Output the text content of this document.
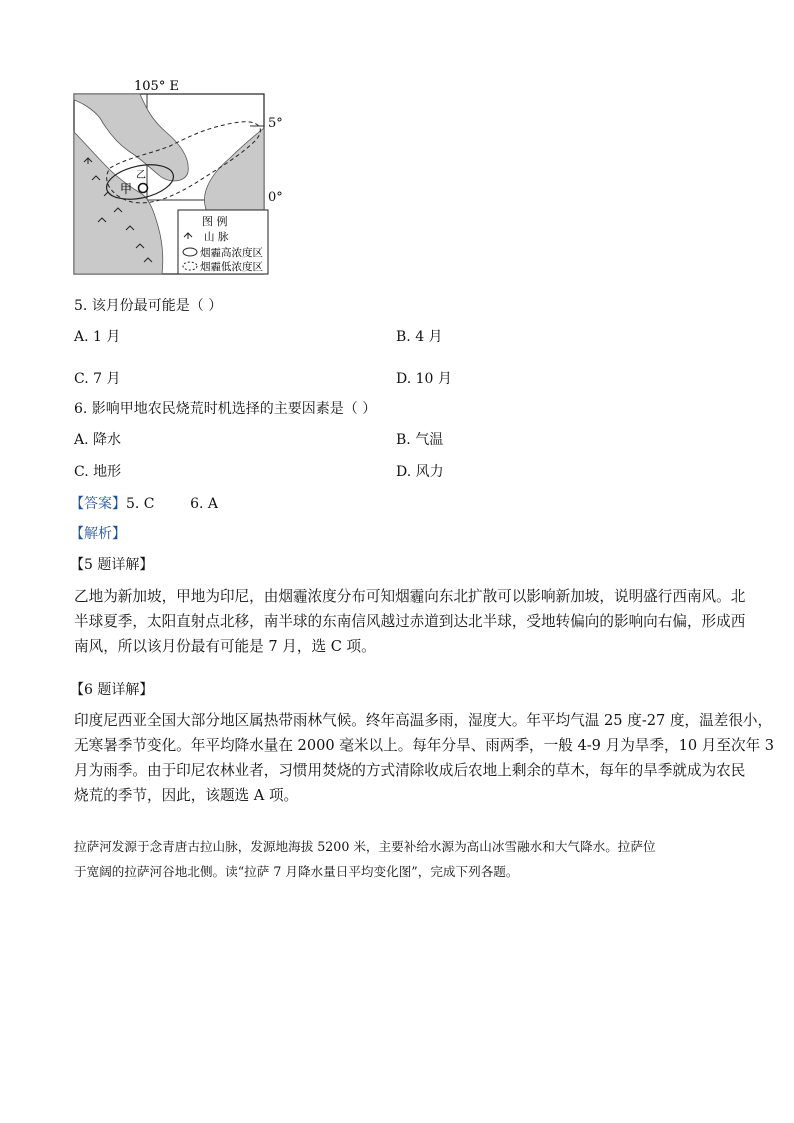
105° E
甲
乙
图 例
山 脉
烟霾高浓度区
烟霾低浓度区
5°
0°
5. 该月份最可能是（ ）
A. 1 月	B. 4 月
C. 7 月	D. 10 月
6. 影响甲地农民烧荒时机选择的主要因素是（ ）
A. 降水	B. 气温
C. 地形	D. 风力
【答案】5. C        6. A
【解析】
【5 题详解】
乙地为新加坡，甲地为印尼，由烟霾浓度分布可知烟霾向东北扩散可以影响新加坡，说明盛行西南风。北
半球夏季，太阳直射点北移，南半球的东南信风越过赤道到达北半球，受地转偏向的影响向右偏，形成西
南风，所以该月份最有可能是 7 月，选 C 项。
【6 题详解】
印度尼西亚全国大部分地区属热带雨林气候。终年高温多雨，湿度大。年平均气温 25 度-27 度，温差很小，
无寒暑季节变化。年平均降水量在 2000 毫米以上。每年分旱、雨两季，一般 4-9 月为旱季，10 月至次年 3
月为雨季。由于印尼农林业者，习惯用焚烧的方式清除收成后农地上剩余的草木，每年的旱季就成为农民
烧荒的季节，因此，该题选 A 项。
拉萨河发源于念青唐古拉山脉，发源地海拔 5200 米，主要补给水源为高山冰雪融水和大气降水。拉萨位
于宽阔的拉萨河谷地北侧。读“拉萨 7 月降水量日平均变化图”，完成下列各题。
